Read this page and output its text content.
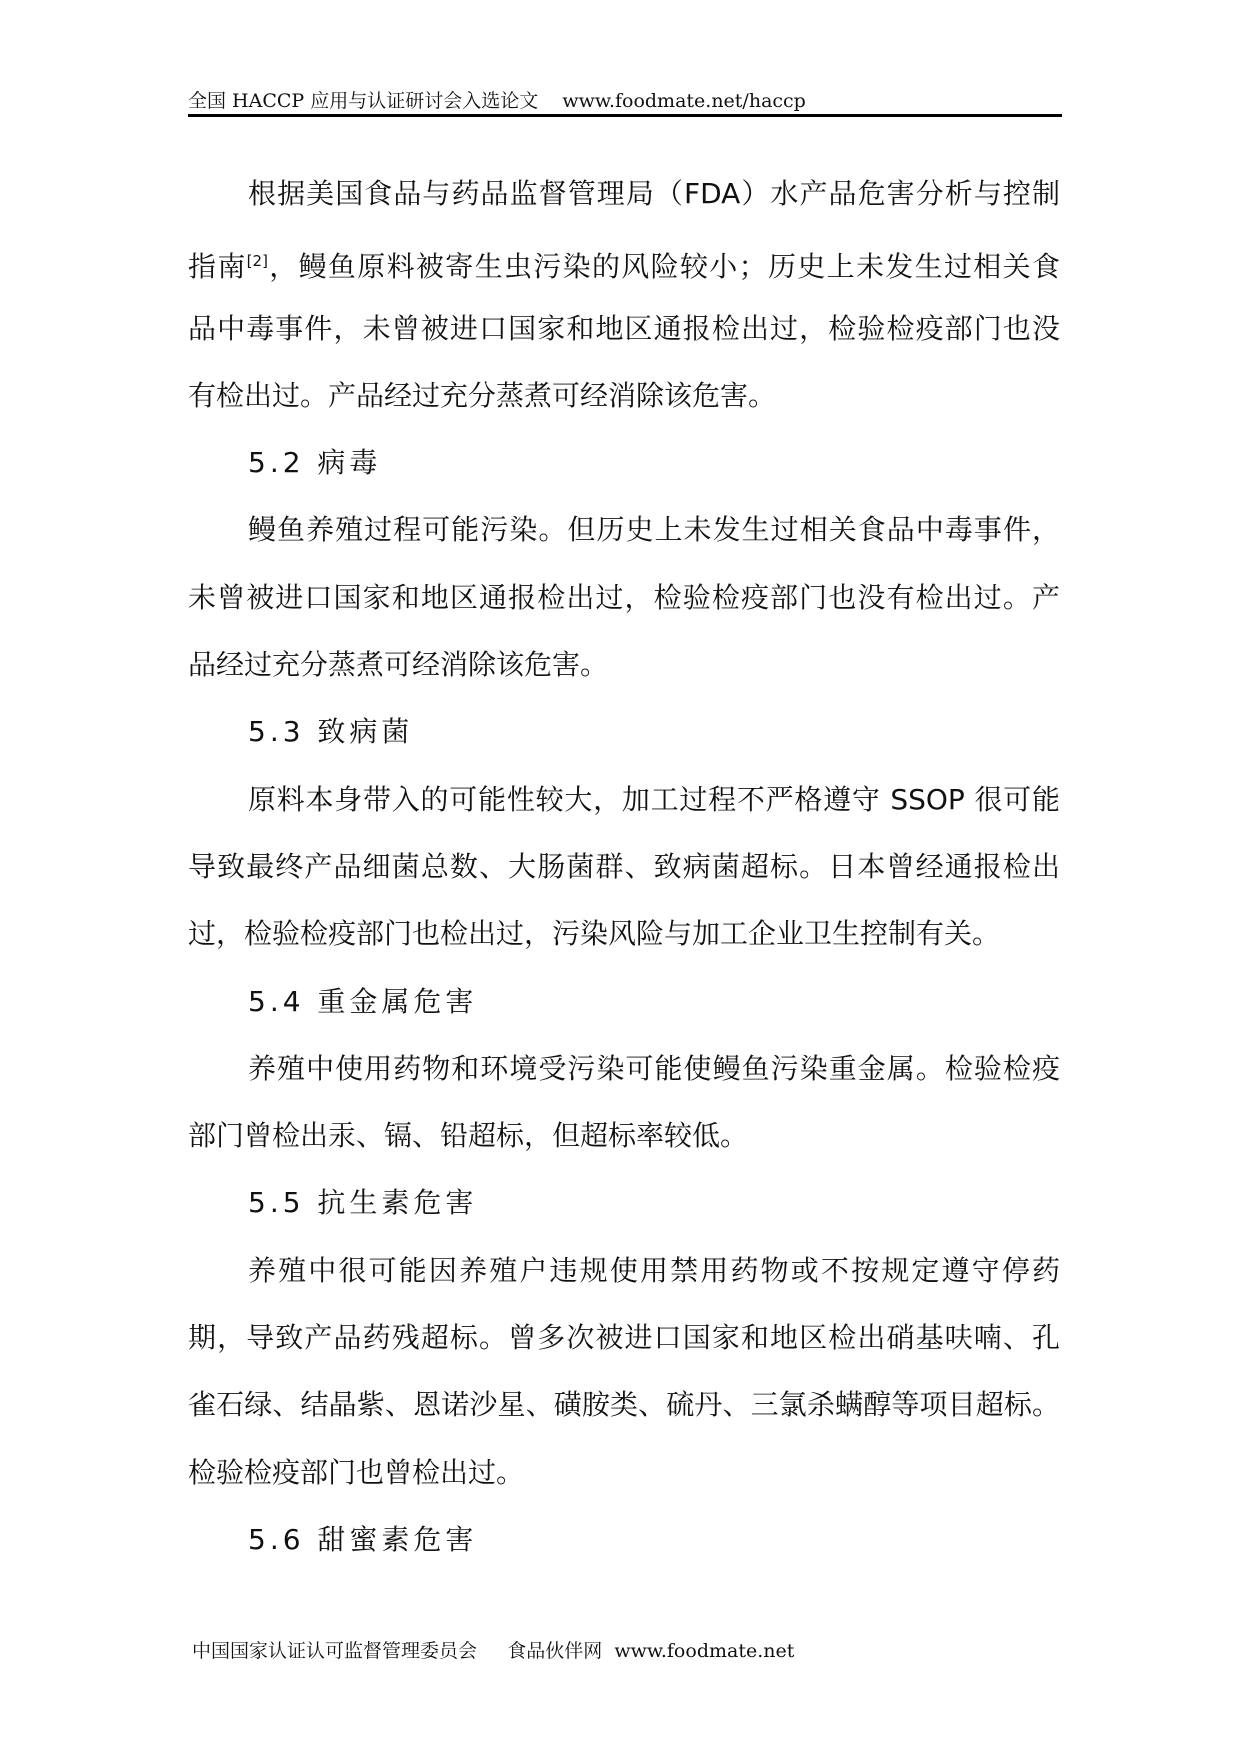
全国 HACCP 应用与认证研讨会入选论文 www.foodmate.net/haccp
根据美国食品与药品监督管理局（FDA）水产品危害分析与控制
指南[2]，鳗鱼原料被寄生虫污染的风险较小；历史上未发生过相关食
品中毒事件，未曾被进口国家和地区通报检出过，检验检疫部门也没
有检出过。产品经过充分蒸煮可经消除该危害。
5.2 病毒
鳗鱼养殖过程可能污染。但历史上未发生过相关食品中毒事件，
未曾被进口国家和地区通报检出过，检验检疫部门也没有检出过。产
品经过充分蒸煮可经消除该危害。
5.3 致病菌
原料本身带入的可能性较大，加工过程不严格遵守 SSOP 很可能
导致最终产品细菌总数、大肠菌群、致病菌超标。日本曾经通报检出
过，检验检疫部门也检出过，污染风险与加工企业卫生控制有关。
5.4 重金属危害
养殖中使用药物和环境受污染可能使鳗鱼污染重金属。检验检疫
部门曾检出汞、镉、铅超标，但超标率较低。
5.5 抗生素危害
养殖中很可能因养殖户违规使用禁用药物或不按规定遵守停药
期，导致产品药残超标。曾多次被进口国家和地区检出硝基呋喃、孔
雀石绿、结晶紫、恩诺沙星、磺胺类、硫丹、三氯杀螨醇等项目超标。
检验检疫部门也曾检出过。
5.6 甜蜜素危害
中国国家认证认可监督管理委员会 食品伙伴网 www.foodmate.net
